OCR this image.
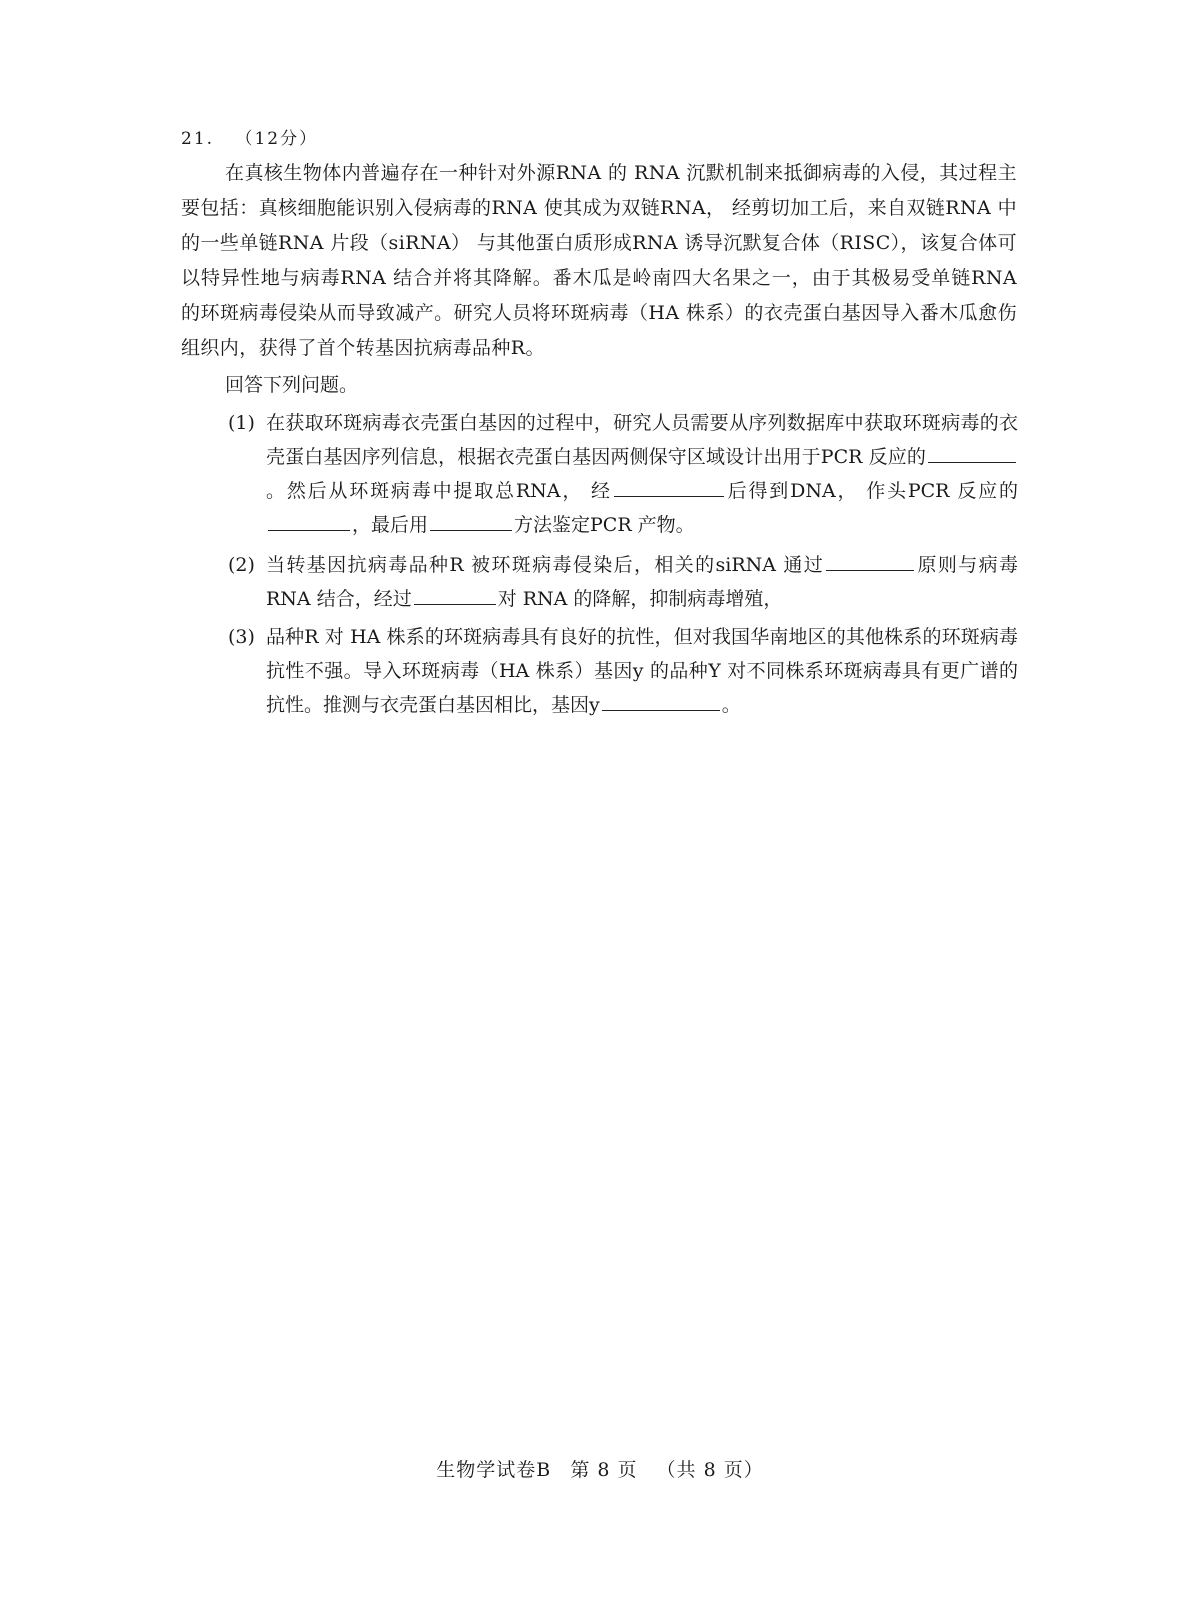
21. （12分）

在真核生物体内普遍存在一种针对外源RNA 的 RNA 沉默机制来抵御病毒的入侵，其过程主要包括：真核细胞能识别入侵病毒的RNA 使其成为双链RNA， 经剪切加工后，来自双链RNA 中的一些单链RNA 片段（siRNA） 与其他蛋白质形成RNA 诱导沉默复合体（RISC），该复合体可以特异性地与病毒RNA 结合并将其降解。番木瓜是岭南四大名果之一，由于其极易受单链RNA 的环斑病毒侵染从而导致减产。研究人员将环斑病毒（HA 株系）的衣壳蛋白基因导入番木瓜愈伤组织内，获得了首个转基因抗病毒品种R。

回答下列问题。

(1) 在获取环斑病毒衣壳蛋白基因的过程中，研究人员需要从序列数据库中获取环斑病毒的衣壳蛋白基因序列信息，根据衣壳蛋白基因两侧保守区域设计出用于PCR 反应的。然后从环斑病毒中提取总RNA， 经	后得到DNA， 作头PCR 反应的，最后用	方法鉴定PCR 产物。
(2) 当转基因抗病毒品种R 被环斑病毒侵染后，相关的siRNA 通过	原则与病毒 RNA 结合，经过	对 RNA 的降解，抑制病毒增殖，
(3) 品种R 对 HA 株系的环斑病毒具有良好的抗性，但对我国华南地区的其他株系的环斑病毒抗性不强。导入环斑病毒（HA 株系）基因y 的品种Y 对不同株系环斑病毒具有更广谱的抗性。推测与衣壳蛋白基因相比，基因y	。
生物学试卷B 第 8 页 （共 8 页）
